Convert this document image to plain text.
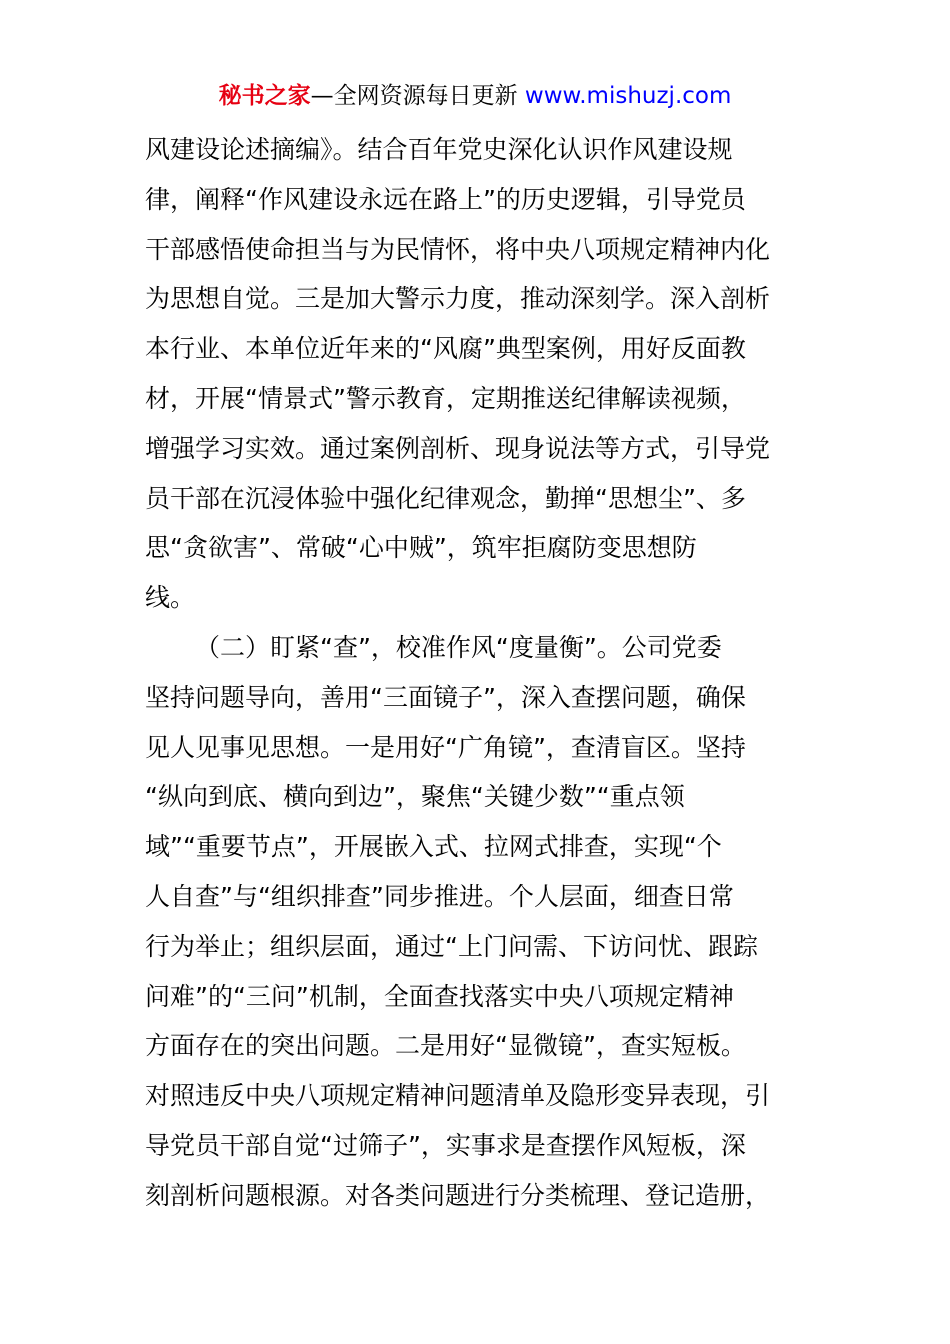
秘书之家—全网资源每日更新 www.mishuzj.com
风建设论述摘编》。结合百年党史深化认识作风建设规
律，阐释“作风建设永远在路上”的历史逻辑，引导党员
干部感悟使命担当与为民情怀，将中央八项规定精神内化
为思想自觉。三是加大警示力度，推动深刻学。深入剖析
本行业、本单位近年来的“风腐”典型案例，用好反面教
材，开展“情景式”警示教育，定期推送纪律解读视频，
增强学习实效。通过案例剖析、现身说法等方式，引导党
员干部在沉浸体验中强化纪律观念，勤掸“思想尘”、多
思“贪欲害”、常破“心中贼”，筑牢拒腐防变思想防
线。
（二）盯紧“查”，校准作风“度量衡”。公司党委
坚持问题导向，善用“三面镜子”，深入查摆问题，确保
见人见事见思想。一是用好“广角镜”，查清盲区。坚持
“纵向到底、横向到边”，聚焦“关键少数”“重点领
域”“重要节点”，开展嵌入式、拉网式排查，实现“个
人自查”与“组织排查”同步推进。个人层面，细查日常
行为举止；组织层面，通过“上门问需、下访问忧、跟踪
问难”的“三问”机制，全面查找落实中央八项规定精神
方面存在的突出问题。二是用好“显微镜”，查实短板。
对照违反中央八项规定精神问题清单及隐形变异表现，引
导党员干部自觉“过筛子”，实事求是查摆作风短板，深
刻剖析问题根源。对各类问题进行分类梳理、登记造册，
